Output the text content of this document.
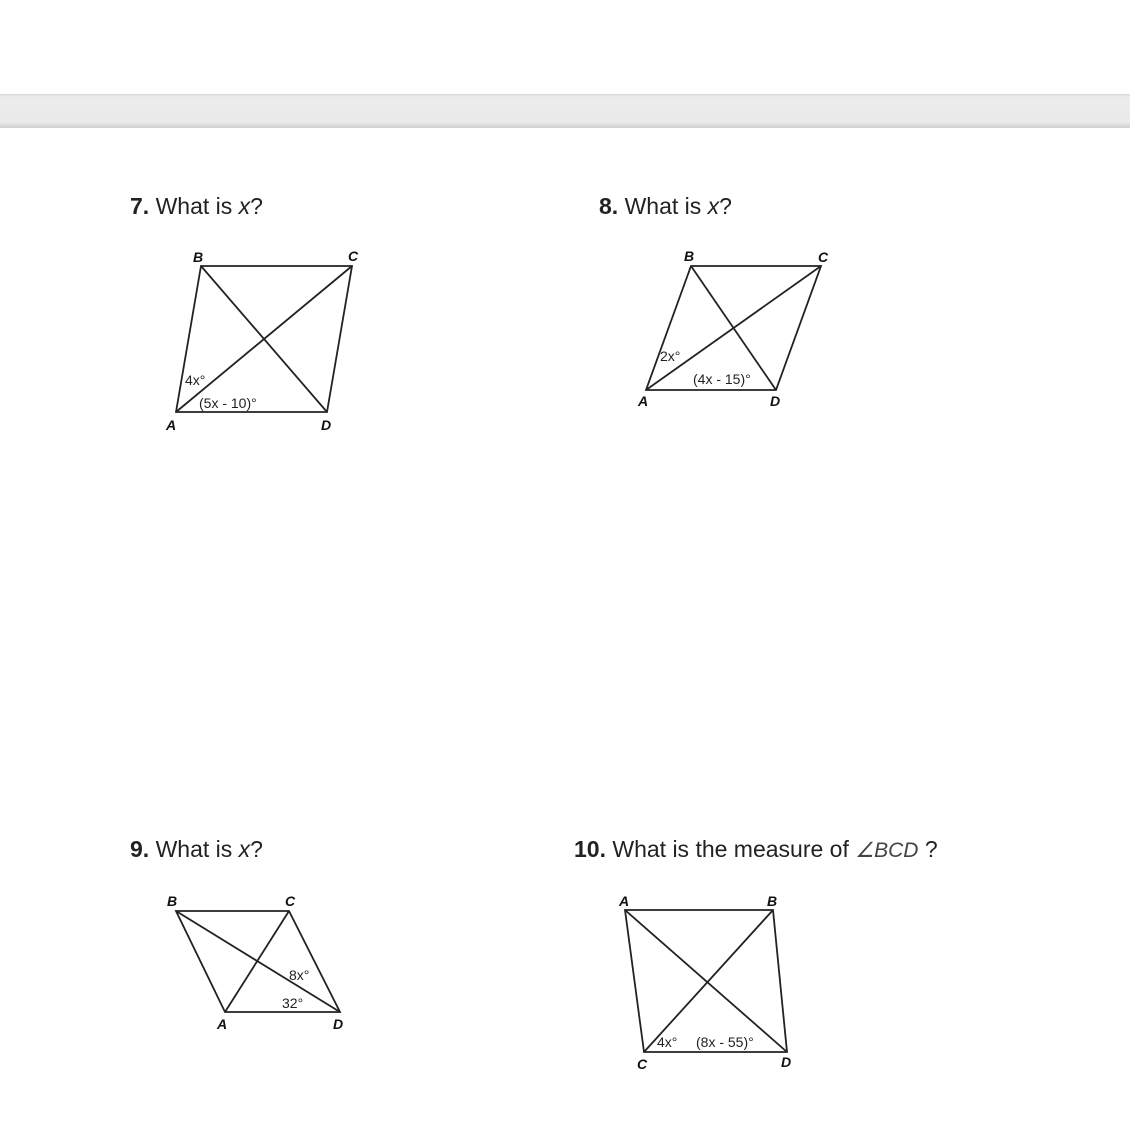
7. What is x?
B	C
A	D
4x°
(5x - 10)°
8. What is x?
B	C
A	D
2x°
(4x - 15)°
9. What is x?
B	C
A	D
8x°
32°
10. What is the measure of ∠BCD ?
A	B
C	D
4x° (8x - 55)°
